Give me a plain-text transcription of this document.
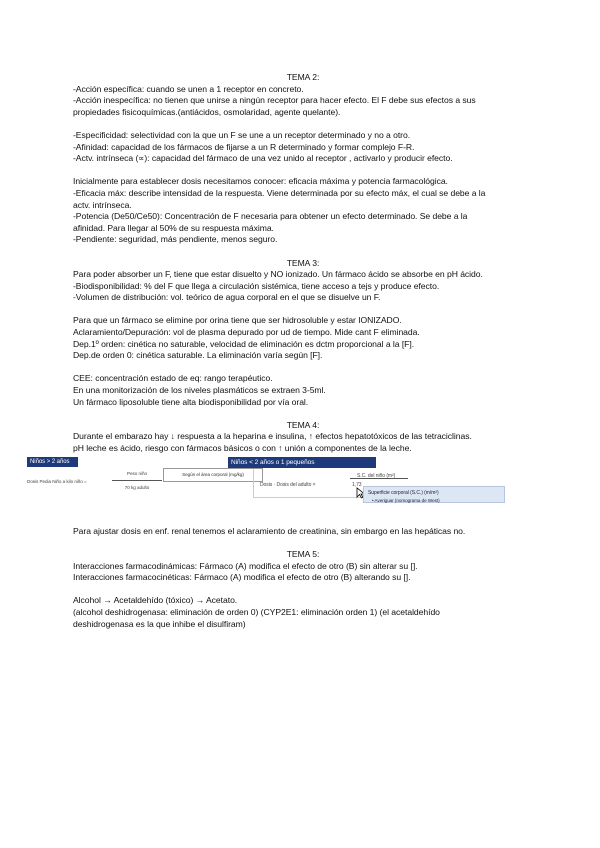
TEMA 2:

-Acción específica: cuando se unen a 1 receptor en concreto.

-Acción inespecífica: no tienen que unirse a ningún receptor para hacer efecto. El F debe sus efectos a sus

propiedades fisicoquímicas.(antiácidos, osmolaridad, agente quelante).

-Especificidad: selectividad con la que un F se une a un receptor determinado y no a otro.

-Afinidad: capacidad de los fármacos de fijarse a un R determinado y formar complejo F-R.

-Actv. intrínseca (∝): capacidad del fármaco de una vez unido al receptor , activarlo y producir efecto.

Inicialmente para establecer dosis necesitamos conocer: eficacia máxima y potencia farmacológica.

-Eficacia máx: describe intensidad de la respuesta. Viene determinada por su efecto máx, el cual se debe a la

actv. intrínseca.

-Potencia (De50/Ce50): Concentración de F necesaria para obtener un efecto determinado. Se debe a la

afinidad. Para llegar al 50% de su respuesta máxima.

-Pendiente: seguridad, más pendiente, menos seguro.

TEMA 3:

Para poder absorber un F, tiene que estar disuelto y NO ionizado. Un fármaco ácido se absorbe en pH ácido.

-Biodisponibilidad: % del F que llega a circulación sistémica, tiene acceso a tejs y produce efecto.

-Volumen de distribución: vol. teórico de agua corporal en el que se disuelve un F.

Para que un fármaco se elimine por orina tiene que ser hidrosoluble y estar IONIZADO.

Aclaramiento/Depuración: vol de plasma depurado por ud de tiempo. Mide cant F eliminada.

Dep.1º orden: cinética no saturable, velocidad de eliminación es dctm proporcional a la [F].

Dep.de orden 0: cinética saturable. La eliminación varía según [F].

CEE: concentración estado de eq: rango terapéutico.

En una monitorización de los niveles plasmáticos se extraen 3-5ml.

Un fármaco liposoluble tiene alta biodisponibilidad por vía oral.

TEMA 4:

Durante el embarazo hay ↓ respuesta a la heparina e insulina, ↑ efectos hepatotóxicos de las tetraciclinas.

pH leche es ácido, riesgo con fármacos básicos o con ↑ unión a componentes de la leche.

Niños > 2 años
Dosis Pedia Niño a kilo niño =
Peso niño
70 kg adulto
Según el área corporal (mg/kg)
Niños < 2 años o 1 pequeños
Dosis · Dosis del adulto ×
S.C. del niño (m²)
1,73
Superficie corporal (S.C.) (m/m²)
• Averiguar (nomograma de West)

Para ajustar dosis en enf. renal tenemos el aclaramiento de creatinina, sin embargo en las hepáticas no.

TEMA 5:

Interacciones farmacodinámicas: Fármaco (A) modifica el efecto de otro (B) sin alterar su [].

Interacciones farmacocinéticas: Fármaco (A) modifica el efecto de otro (B) alterando su [].

Alcohol → Acetaldehído (tóxico) → Acetato.

(alcohol deshidrogenasa: eliminación de orden 0) (CYP2E1: eliminación orden 1) (el acetaldehído

deshidrogenasa es la que inhibe el disulfiram)
